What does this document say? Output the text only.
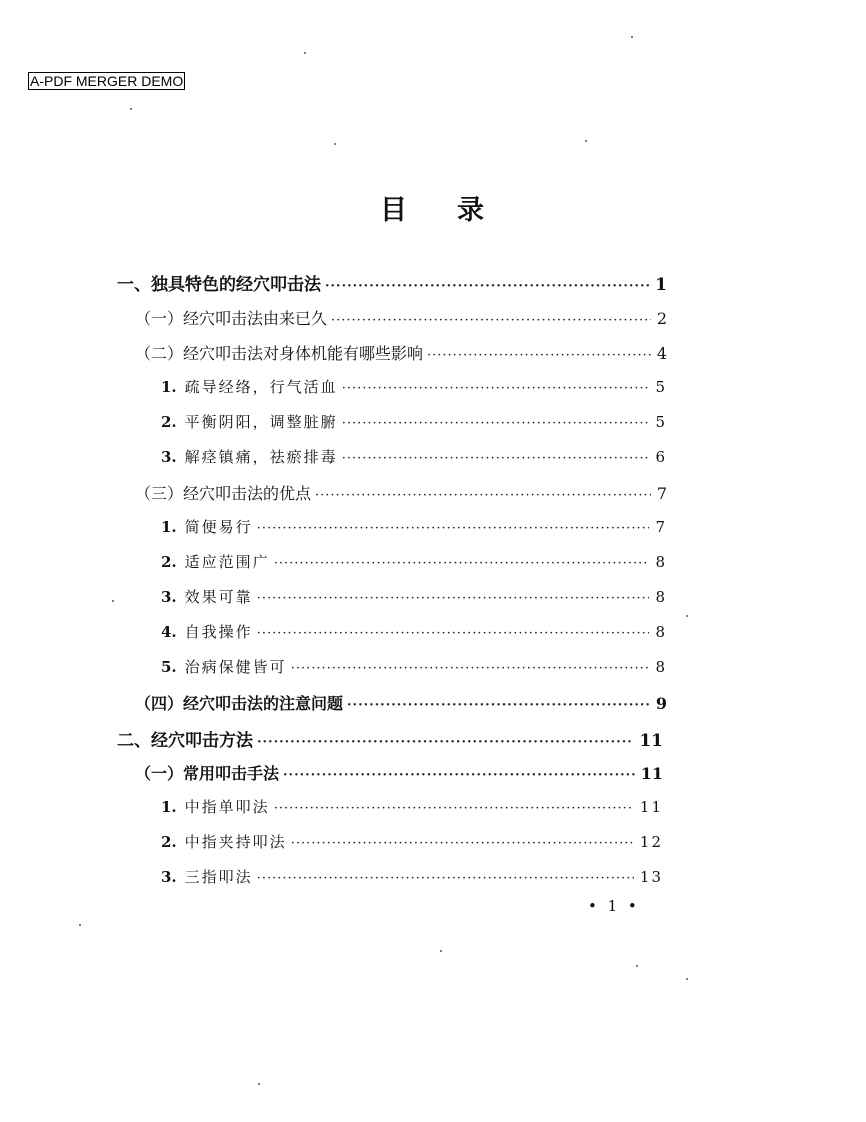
A-PDF MERGER DEMO
目 录
一、独具特色的经穴叩击法 ·····	1
（一）经穴叩击法由来已久 ·····	2
（二）经穴叩击法对身体机能有哪些影响 ·····	4
1. 疏导经络，行气活血 ·····	5
2. 平衡阴阳，调整脏腑 ·····	5
3. 解痉镇痛，祛瘀排毒 ·····	6
（三）经穴叩击法的优点 ·····	7
1. 简便易行 ·····	7
2. 适应范围广 ·····	8
3. 效果可靠 ·····	8
4. 自我操作 ·····	8
5. 治病保健皆可 ·····	8
（四）经穴叩击法的注意问题 ·····	9
二、经穴叩击方法 ·····	11
（一）常用叩击手法 ·····	11
1. 中指单叩法 ·····	11
2. 中指夹持叩法 ·····	12
3. 三指叩法 ·····	13
• 1 •
